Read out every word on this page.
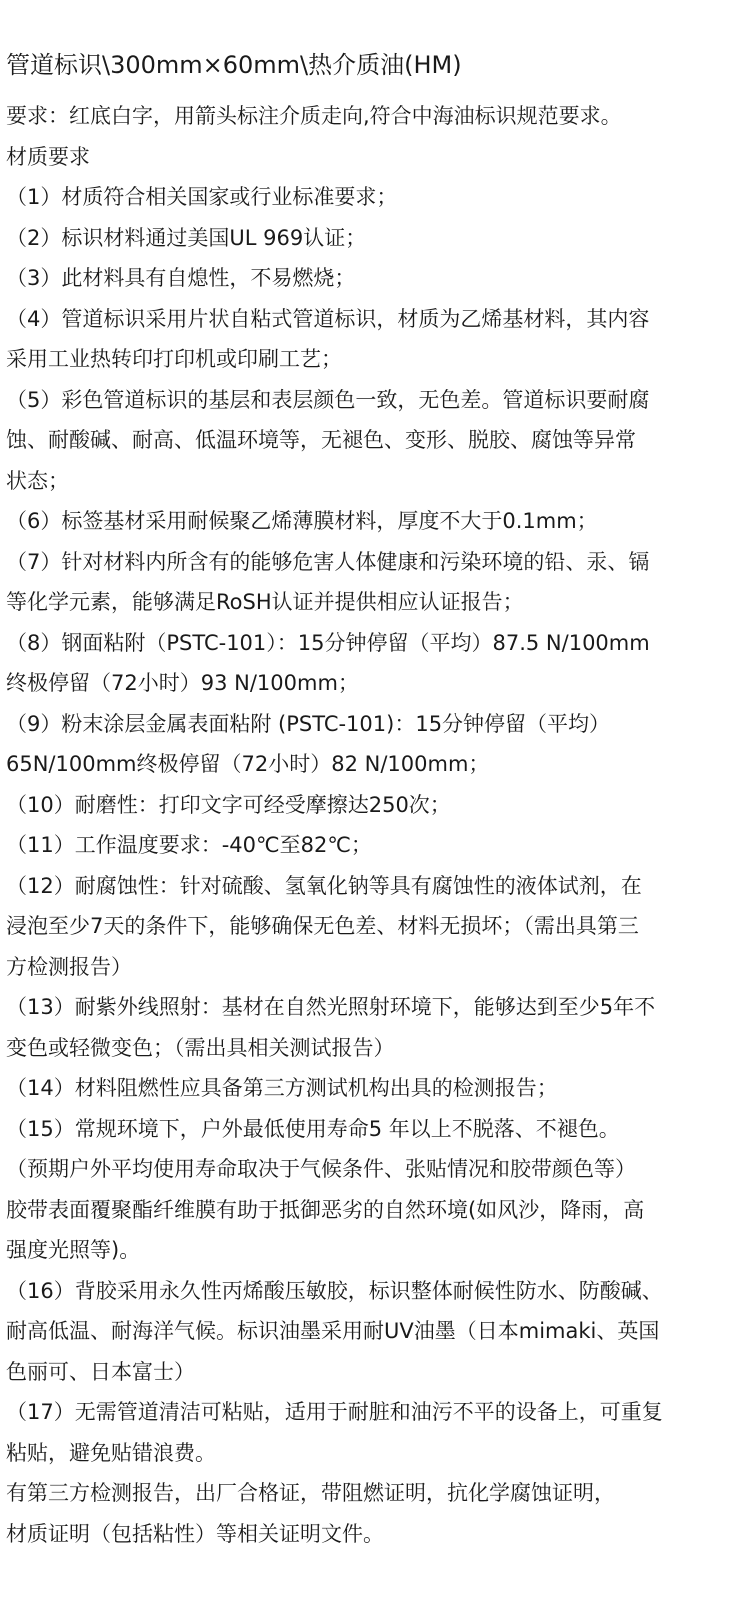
管道标识\300mm×60mm\热介质油(HM)
要求：红底白字，用箭头标注介质走向,符合中海油标识规范要求。
材质要求
（1）材质符合相关国家或行业标准要求；
（2）标识材料通过美国UL 969认证；
（3）此材料具有自熄性，不易燃烧；
（4）管道标识采用片状自粘式管道标识，材质为乙烯基材料，其内容
采用工业热转印打印机或印刷工艺；
（5）彩色管道标识的基层和表层颜色一致，无色差。管道标识要耐腐
蚀、耐酸碱、耐高、低温环境等，无褪色、变形、脱胶、腐蚀等异常
状态；
（6）标签基材采用耐候聚乙烯薄膜材料，厚度不大于0.1mm；
（7）针对材料内所含有的能够危害人体健康和污染环境的铅、汞、镉
等化学元素，能够满足RoSH认证并提供相应认证报告；
（8）钢面粘附（PSTC-101）：15分钟停留（平均）87.5 N/100mm
终极停留（72小时）93 N/100mm；
（9）粉末涂层金属表面粘附 (PSTC-101)：15分钟停留（平均）
65N/100mm终极停留（72小时）82 N/100mm；
（10）耐磨性：打印文字可经受摩擦达250次；
（11）工作温度要求：-40℃至82℃；
（12）耐腐蚀性：针对硫酸、氢氧化钠等具有腐蚀性的液体试剂，在
浸泡至少7天的条件下，能够确保无色差、材料无损坏；（需出具第三
方检测报告）
（13）耐紫外线照射：基材在自然光照射环境下，能够达到至少5年不
变色或轻微变色；（需出具相关测试报告）
（14）材料阻燃性应具备第三方测试机构出具的检测报告；
（15）常规环境下，户外最低使用寿命5 年以上不脱落、不褪色。
（预期户外平均使用寿命取决于气候条件、张贴情况和胶带颜色等）
胶带表面覆聚酯纤维膜有助于抵御恶劣的自然环境(如风沙，降雨，高
强度光照等)。
（16）背胶采用永久性丙烯酸压敏胶，标识整体耐候性防水、防酸碱、
耐高低温、耐海洋气候。标识油墨采用耐UV油墨（日本mimaki、英国
色丽可、日本富士）
（17）无需管道清洁可粘贴，适用于耐脏和油污不平的设备上，可重复
粘贴，避免贴错浪费。
有第三方检测报告，出厂合格证，带阻燃证明，抗化学腐蚀证明，
材质证明（包括粘性）等相关证明文件。
